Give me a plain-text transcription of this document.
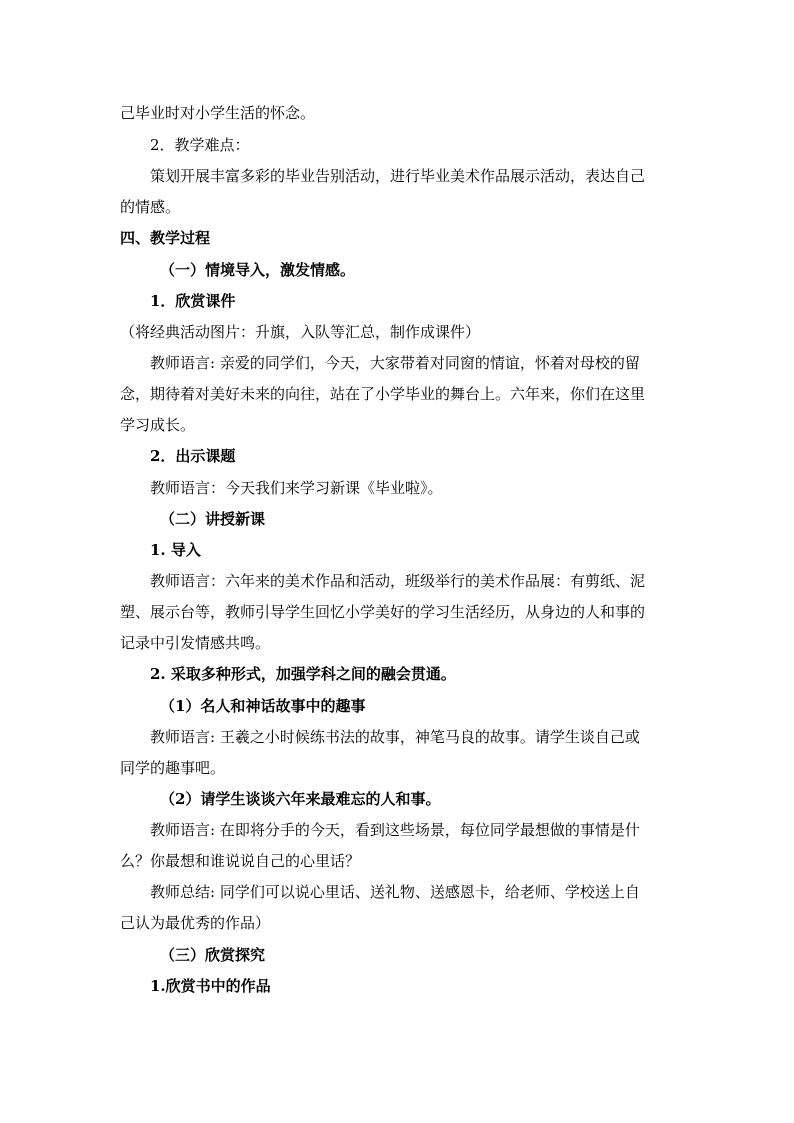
己毕业时对小学生活的怀念。
2．教学难点：
策划开展丰富多彩的毕业告别活动，进行毕业美术作品展示活动，表达自己
的情感。
四、教学过程
（一）情境导入，激发情感。
1．欣赏课件
（将经典活动图片：升旗，入队等汇总，制作成课件）
教师语言: 亲爱的同学们，今天，大家带着对同窗的情谊，怀着对母校的留
念，期待着对美好未来的向往，站在了小学毕业的舞台上。六年来，你们在这里
学习成长。
2．出示课题
教师语言：今天我们来学习新课《毕业啦》。
（二）讲授新课
1. 导入
教师语言：六年来的美术作品和活动，班级举行的美术作品展：有剪纸、泥
塑、展示台等，教师引导学生回忆小学美好的学习生活经历，从身边的人和事的
记录中引发情感共鸣。
2. 采取多种形式，加强学科之间的融会贯通。
（1）名人和神话故事中的趣事
教师语言: 王羲之小时候练书法的故事，神笔马良的故事。请学生谈自己或
同学的趣事吧。
（2）请学生谈谈六年来最难忘的人和事。
教师语言: 在即将分手的今天，看到这些场景，每位同学最想做的事情是什
么？你最想和谁说说自己的心里话？
教师总结: 同学们可以说心里话、送礼物、送感恩卡，给老师、学校送上自
己认为最优秀的作品）
（三）欣赏探究
1.欣赏书中的作品
